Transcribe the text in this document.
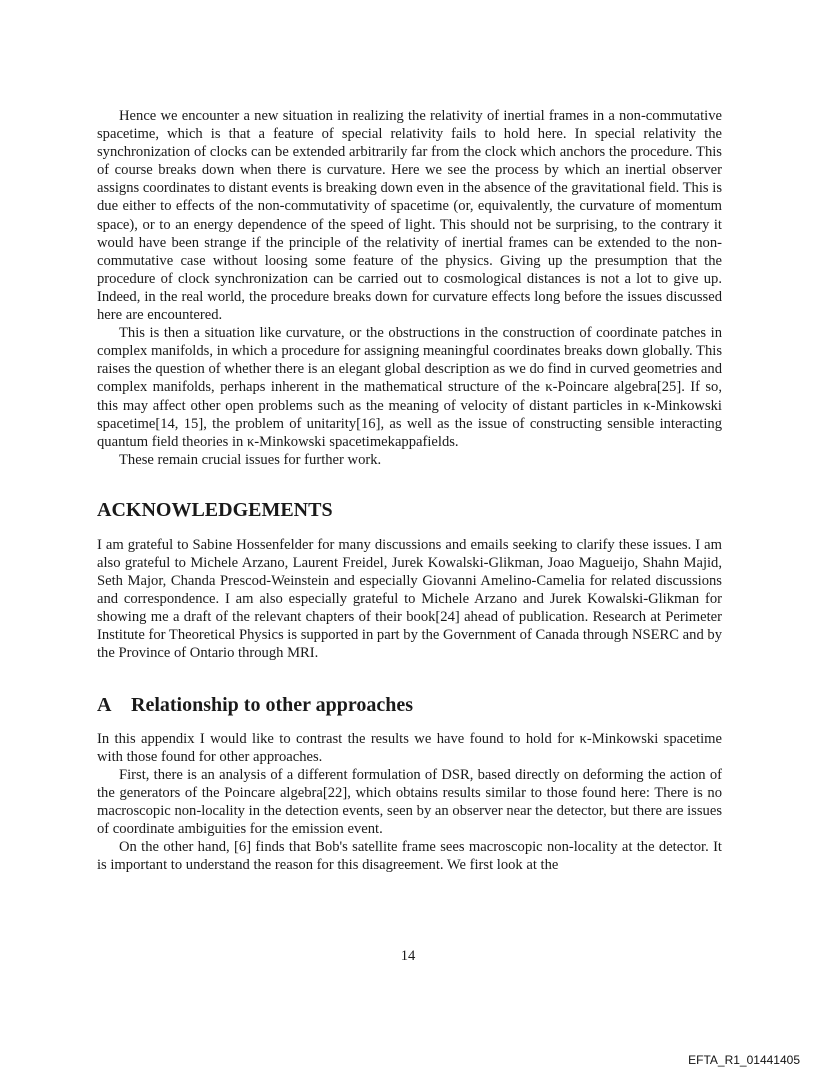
Hence we encounter a new situation in realizing the relativity of inertial frames in a non-commutative spacetime, which is that a feature of special relativity fails to hold here. In special relativity the synchronization of clocks can be extended arbitrarily far from the clock which anchors the procedure. This of course breaks down when there is curvature. Here we see the process by which an inertial observer assigns coordinates to distant events is breaking down even in the absence of the gravitational field. This is due either to effects of the non-commutativity of spacetime (or, equivalently, the curvature of momentum space), or to an energy dependence of the speed of light. This should not be surprising, to the contrary it would have been strange if the principle of the relativity of inertial frames can be extended to the non-commutative case without loosing some feature of the physics. Giving up the presumption that the procedure of clock synchronization can be carried out to cosmological distances is not a lot to give up. Indeed, in the real world, the procedure breaks down for curvature effects long before the issues discussed here are encountered.

This is then a situation like curvature, or the obstructions in the construction of coordinate patches in complex manifolds, in which a procedure for assigning meaningful coordinates breaks down globally. This raises the question of whether there is an elegant global description as we do find in curved geometries and complex manifolds, perhaps inherent in the mathematical structure of the κ-Poincare algebra[25]. If so, this may affect other open problems such as the meaning of velocity of distant particles in κ-Minkowski spacetime[14, 15], the problem of unitarity[16], as well as the issue of constructing sensible interacting quantum field theories in κ-Minkowski spacetimekappafields.

These remain crucial issues for further work.

ACKNOWLEDGEMENTS

I am grateful to Sabine Hossenfelder for many discussions and emails seeking to clarify these issues. I am also grateful to Michele Arzano, Laurent Freidel, Jurek Kowalski-Glikman, Joao Magueijo, Shahn Majid, Seth Major, Chanda Prescod-Weinstein and especially Giovanni Amelino-Camelia for related discussions and correspondence. I am also especially grateful to Michele Arzano and Jurek Kowalski-Glikman for showing me a draft of the relevant chapters of their book[24] ahead of publication. Research at Perimeter Institute for Theoretical Physics is supported in part by the Government of Canada through NSERC and by the Province of Ontario through MRI.

A Relationship to other approaches

In this appendix I would like to contrast the results we have found to hold for κ-Minkowski spacetime with those found for other approaches.

First, there is an analysis of a different formulation of DSR, based directly on deforming the action of the generators of the Poincare algebra[22], which obtains results similar to those found here: There is no macroscopic non-locality in the detection events, seen by an observer near the detector, but there are issues of coordinate ambiguities for the emission event.

On the other hand, [6] finds that Bob's satellite frame sees macroscopic non-locality at the detector. It is important to understand the reason for this disagreement. We first look at the

14
EFTA_R1_01441405
